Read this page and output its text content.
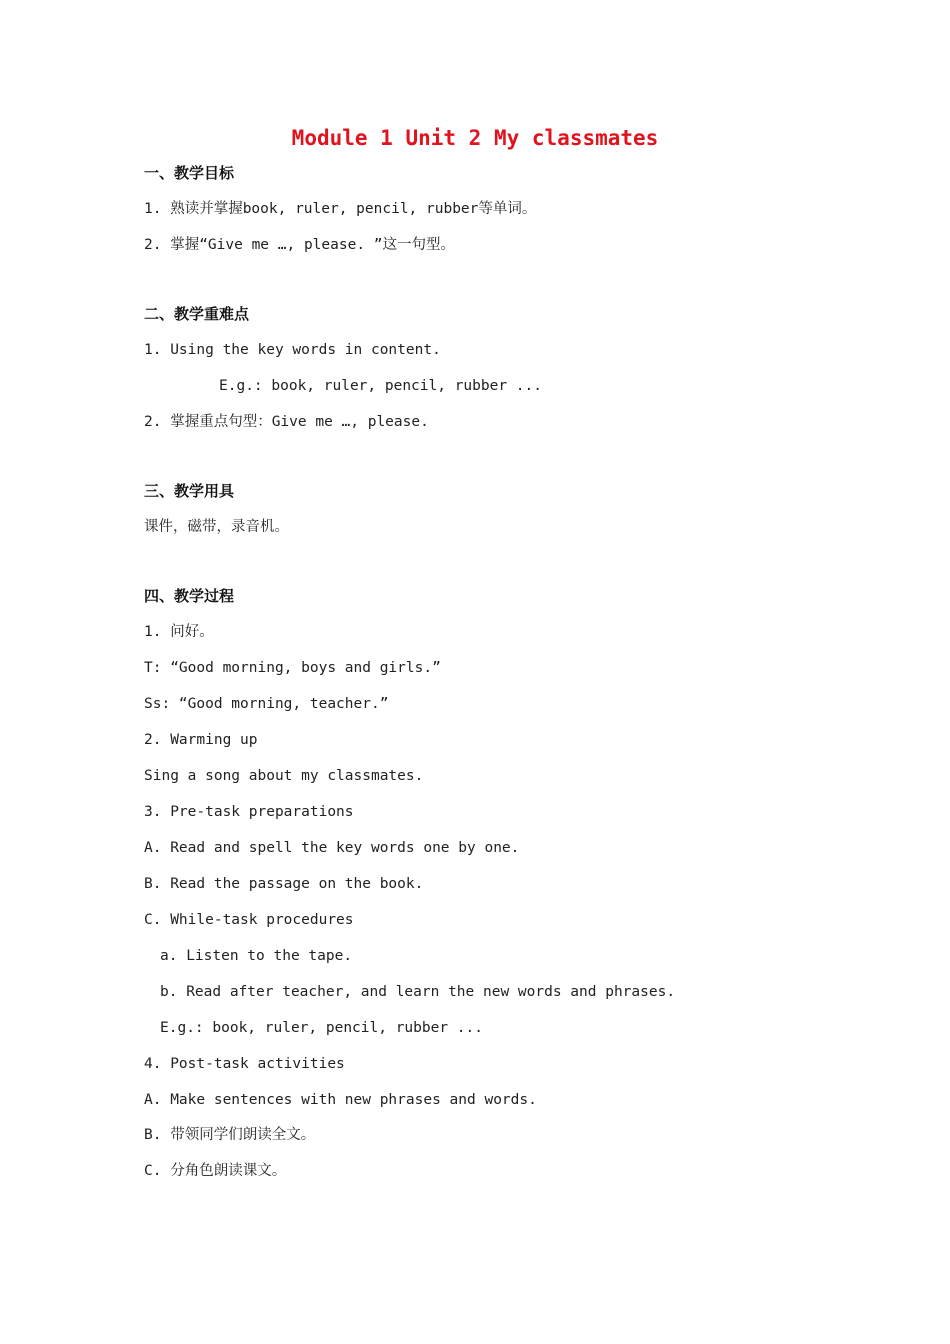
Module 1 Unit 2 My classmates
一、教学目标
1. 熟读并掌握book, ruler, pencil, rubber等单词。
2. 掌握“Give me …, please. ”这一句型。
二、教学重难点
1. Using the key words in content.
E.g.: book, ruler, pencil, rubber ...
2. 掌握重点句型：Give me …, please.
三、教学用具
课件，磁带，录音机。
四、教学过程
1. 问好。
T: “Good morning, boys and girls.”
Ss: “Good morning, teacher.”
2. Warming up
Sing a song about my classmates.
3. Pre-task preparations
A. Read and spell the key words one by one.
B. Read the passage on the book.
C. While-task procedures
a. Listen to the tape.
b. Read after teacher, and learn the new words and phrases.
E.g.: book, ruler, pencil, rubber ...
4. Post-task activities
A. Make sentences with new phrases and words.
B. 带领同学们朗读全文。
C. 分角色朗读课文。
